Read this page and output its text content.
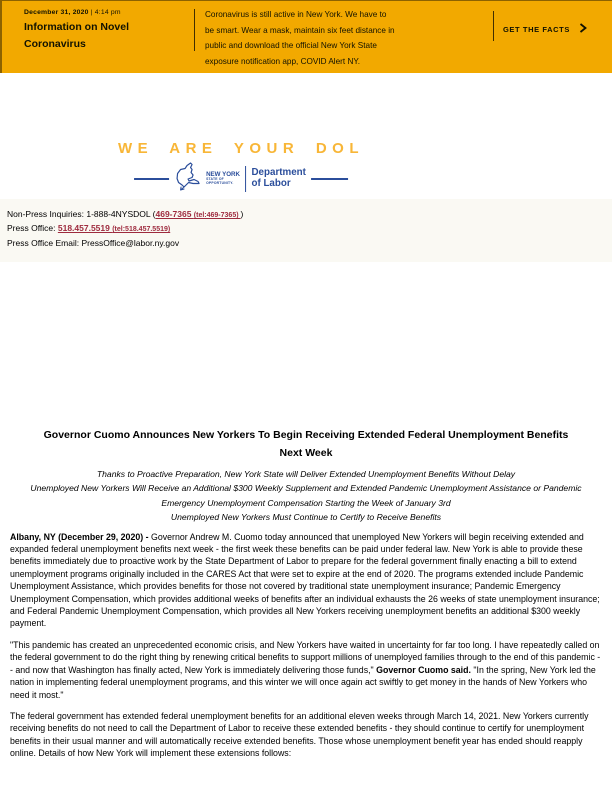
December 31, 2020 | 4:14 pm
Information on Novel Coronavirus
Coronavirus is still active in New York. We have to
be smart. Wear a mask, maintain six feet distance in
public and download the official New York State
exposure notification app, COVID Alert NY.
GET THE FACTS
WE ARE YOUR DOL
NEW YORK
STATE OF
OPPORTUNITY.
Department
of Labor
Non-Press Inquiries: 1-888-4NYSDOL (469-7365 (tel:469-7365) )
Press Office: 518.457.5519 (tel:518.457.5519)
Press Office Email: PressOffice@labor.ny.gov
Governor Cuomo Announces New Yorkers To Begin Receiving Extended Federal Unemployment Benefits
Next Week

Thanks to Proactive Preparation, New York State will Deliver Extended Unemployment Benefits Without Delay

Unemployed New Yorkers Will Receive an Additional $300 Weekly Supplement and Extended Pandemic Unemployment Assistance or Pandemic Emergency Unemployment Compensation Starting the Week of January 3rd

Unemployed New Yorkers Must Continue to Certify to Receive Benefits

Albany, NY (December 29, 2020) - Governor Andrew M. Cuomo today announced that unemployed New Yorkers will begin receiving extended and expanded federal unemployment benefits next week - the first week these benefits can be paid under federal law. New York is able to provide these benefits immediately due to proactive work by the State Department of Labor to prepare for the federal government finally enacting a bill to extend unemployment programs originally included in the CARES Act that were set to expire at the end of 2020. The programs extended include Pandemic Unemployment Assistance, which provides benefits for those not covered by traditional state unemployment insurance; Pandemic Emergency Unemployment Compensation, which provides additional weeks of benefits after an individual exhausts the 26 weeks of state unemployment insurance; and Federal Pandemic Unemployment Compensation, which provides all New Yorkers receiving unemployment benefits an additional $300 weekly payment.

"This pandemic has created an unprecedented economic crisis, and New Yorkers have waited in uncertainty for far too long. I have repeatedly called on the federal government to do the right thing by renewing critical benefits to support millions of unemployed families through to the end of this pandemic -- and now that Washington has finally acted, New York is immediately delivering those funds," Governor Cuomo said. "In the spring, New York led the nation in implementing federal unemployment programs, and this winter we will once again act swiftly to get money in the hands of New Yorkers who need it most."

The federal government has extended federal unemployment benefits for an additional eleven weeks through March 14, 2021. New Yorkers currently receiving benefits do not need to call the Department of Labor to receive these extended benefits - they should continue to certify for unemployment benefits in their usual manner and will automatically receive extended benefits. Those whose unemployment benefit year has ended should reapply online. Details of how New York will implement these extensions follows:
